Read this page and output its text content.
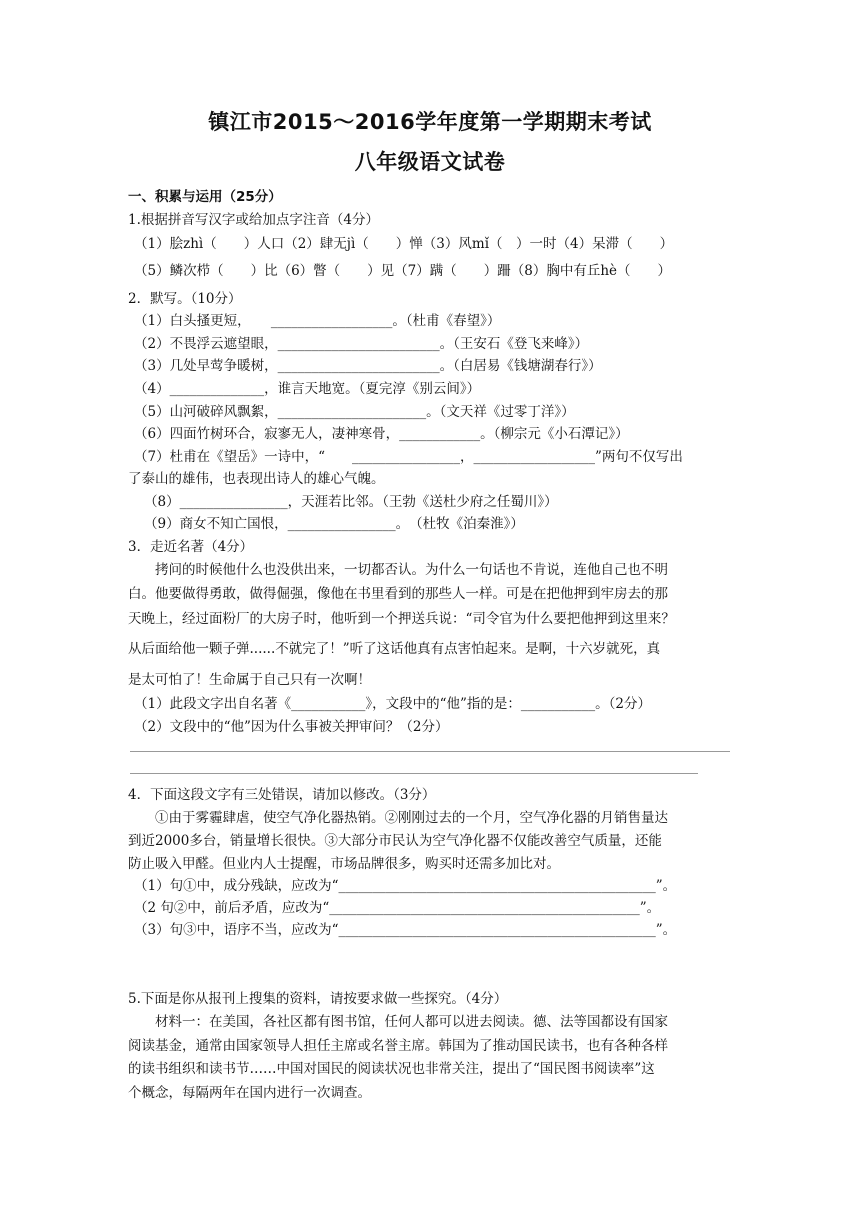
镇江市2015～2016学年度第一学期期末考试
八年级语文试卷
一、积累与运用（25分）
1.根据拼音写汉字或给加点字注音（4分）
（1）脍zhì（　　）人口（2）肆无jì（　　）惮（3）风mǐ（　）一时（4）呆滞（　　）
（5）鳞次栉（　　）比（6）瞥（　　）见（7）蹒（　　）跚（8）胸中有丘hè（　　）
2．默写。（10分）
（1）白头搔更短，　　__________________。（杜甫《春望》）
（2）不畏浮云遮望眼，________________________。（王安石《登飞来峰》）
（3）几处早莺争暖树，________________________。（白居易《钱塘湖春行》）
（4）______________，谁言天地宽。（夏完淳《别云间》）
（5）山河破碎风飘絮，______________________。（文天祥《过零丁洋》）
（6）四面竹树环合，寂寥无人，凄神寒骨，____________。（柳宗元《小石潭记》）
（7）杜甫在《望岳》一诗中，“　　________________，__________________”两句不仅写出
了泰山的雄伟，也表现出诗人的雄心气魄。
（8）________________，天涯若比邻。（王勃《送杜少府之任蜀川》）
（9）商女不知亡国恨，________________。　（杜牧《泊秦淮》）
3．走近名著（4分）
　　拷问的时候他什么也没供出来，一切都否认。为什么一句话也不肯说，连他自己也不明
白。他要做得勇敢，做得倔强，像他在书里看到的那些人一样。可是在把他押到牢房去的那
天晚上，经过面粉厂的大房子时，他听到一个押送兵说：“司令官为什么要把他押到这里来？
从后面给他一颗子弹......不就完了！”听了这话他真有点害怕起来。是啊，十六岁就死，真
是太可怕了！生命属于自己只有一次啊！
（1）此段文字出自名著《___________》，文段中的“他”指的是：___________。（2分）
（2）文段中的“他”因为什么事被关押审问？（2分）
4．下面这段文字有三处错误，请加以修改。（3分）
　　①由于雾霾肆虐，使空气净化器热销。②刚刚过去的一个月，空气净化器的月销售量达
到近2000多台，销量增长很快。③大部分市民认为空气净化器不仅能改善空气质量，还能
防止吸入甲醛。但业内人士提醒，市场品牌很多，购买时还需多加比对。
（1）句①中，成分残缺，应改为“_______________________________________________”。
（2 句②中，前后矛盾，应改为“______________________________________________”。
（3）句③中，语序不当，应改为“_______________________________________________”。
5.下面是你从报刊上搜集的资料，请按要求做一些探究。（4分）
　　材料一：在美国，各社区都有图书馆，任何人都可以进去阅读。德、法等国都设有国家
阅读基金，通常由国家领导人担任主席或名誉主席。韩国为了推动国民读书，也有各种各样
的读书组织和读书节……中国对国民的阅读状况也非常关注，提出了“国民图书阅读率”这
个概念，每隔两年在国内进行一次调查。
